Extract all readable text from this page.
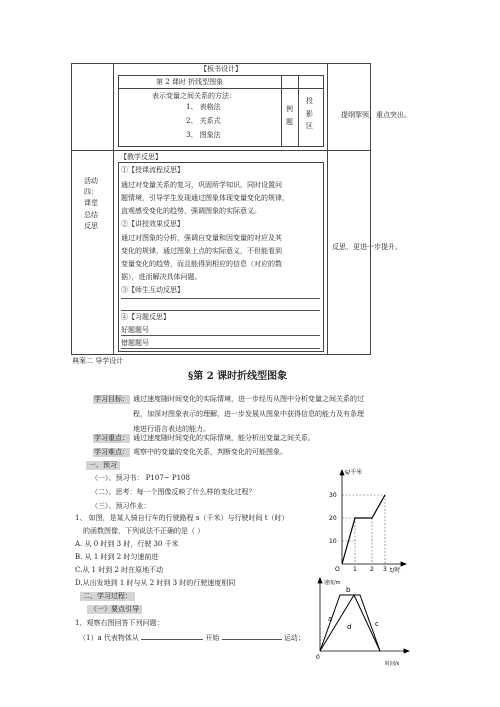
【板书设计】
第 2 课时 折线型图象
表示变量之间关系的方法：
1、 表格法
2、 关系式
3、 图象法
例题
投影区
提纲挈领，重点突出。
活动四：课堂总结反思
【教学反思】
①【授课流程反思】
通过对变量关系的复习，巩固所学知识，同时设置问
题情境，引导学生发现通过图象体现变量变化的规律，
直观感受变化的趋势，强调图象的实际意义。
②【讲授效果反思】
通过对图象的分析，强调自变量和因变量的对应及其
变化的规律，通过图象上点的实际意义，不但能看到
变量变化的趋势，而且能得到相应的信息（对应的数
据），进而解决具体问题。
③【师生互动反思】
④【习题反思】
好题题号
错题题号
反思，更进一步提升。
典案二 导学设计
§第 2 课时折线型图象
学习目标： 通过速度随时间变化的实际情境，进一步经历从图中分析变量之间关系的过
程，加深对图象表示的理解，进一步发展从图象中获得信息的能力及有条理
地进行语言表达的能力。
学习重点： 通过速度随时间变化的实际情境，能分析出变量之间关系。
学习难点： 观察中的变量的变化关系，判断变化的可能图象。
一、预习
（一）、预习书： P107~ P108
（二）、思考：每一个图像反映了什么样的变化过程？
（三）、预习作业：
1、 如图，是某人骑自行车的行驶路程 s（千米）与行驶时间 t（时）
的函数图像，下列说法不正确的是（ ）
A. 从 0 时到 3 时，行驶 30 千米
B. 从 1 时到 2 时匀速前进
C.从 1 时到 2 时在原地不动
D.从出发地到 1 时与从 2 时到 3 时的行驶速度相同
二、学习过程：
（一）要点引导
1、观察右图回答下列问题：
（1）a 代表物体从	开始	运动；
s/千米
t/时
30
20
10
1 2 3
O
速度/m
时间/s
0
a
b
c
d
